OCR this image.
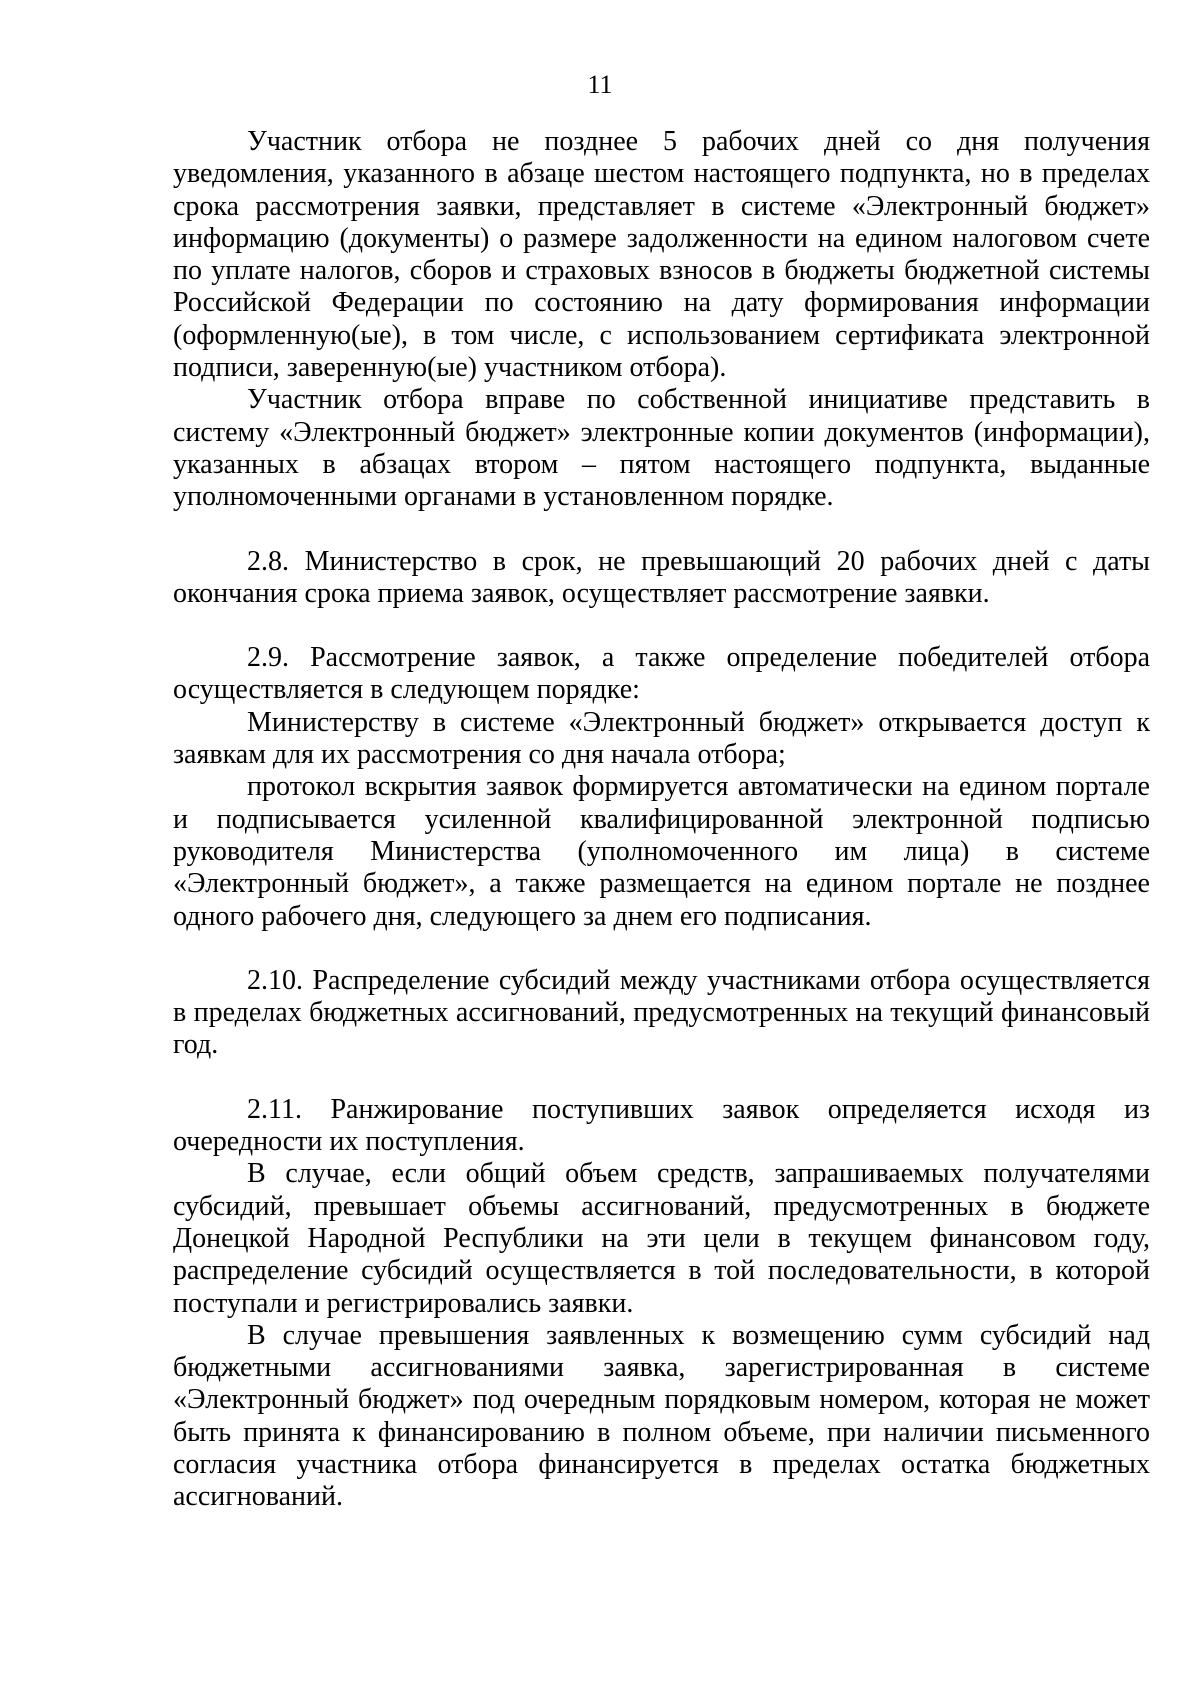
11

Участник отбора не позднее 5 рабочих дней со дня получения уведомления, указанного в абзаце шестом настоящего подпункта, но в пределах срока рассмотрения заявки, представляет в системе «Электронный бюджет» информацию (документы) о размере задолженности на едином налоговом счете по уплате налогов, сборов и страховых взносов в бюджеты бюджетной системы Российской Федерации по состоянию на дату формирования информации (оформленную(ые), в том числе, с использованием сертификата электронной подписи, заверенную(ые) участником отбора).

Участник отбора вправе по собственной инициативе представить в систему «Электронный бюджет» электронные копии документов (информации), указанных в абзацах втором – пятом настоящего подпункта, выданные уполномоченными органами в установленном порядке.

2.8. Министерство в срок, не превышающий 20 рабочих дней с даты окончания срока приема заявок, осуществляет рассмотрение заявки.

2.9. Рассмотрение заявок, а также определение победителей отбора осуществляется в следующем порядке:

Министерству в системе «Электронный бюджет» открывается доступ к заявкам для их рассмотрения со дня начала отбора;

протокол вскрытия заявок формируется автоматически на едином портале и подписывается усиленной квалифицированной электронной подписью руководителя Министерства (уполномоченного им лица) в системе «Электронный бюджет», а также размещается на едином портале не позднее одного рабочего дня, следующего за днем его подписания.

2.10. Распределение субсидий между участниками отбора осуществляется в пределах бюджетных ассигнований, предусмотренных на текущий финансовый год.

2.11. Ранжирование поступивших заявок определяется исходя из очередности их поступления.

В случае, если общий объем средств, запрашиваемых получателями субсидий, превышает объемы ассигнований, предусмотренных в бюджете Донецкой Народной Республики на эти цели в текущем финансовом году, распределение субсидий осуществляется в той последовательности, в которой поступали и регистрировались заявки.

В случае превышения заявленных к возмещению сумм субсидий над бюджетными ассигнованиями заявка, зарегистрированная в системе «Электронный бюджет» под очередным порядковым номером, которая не может быть принята к финансированию в полном объеме, при наличии письменного согласия участника отбора финансируется в пределах остатка бюджетных ассигнований.
